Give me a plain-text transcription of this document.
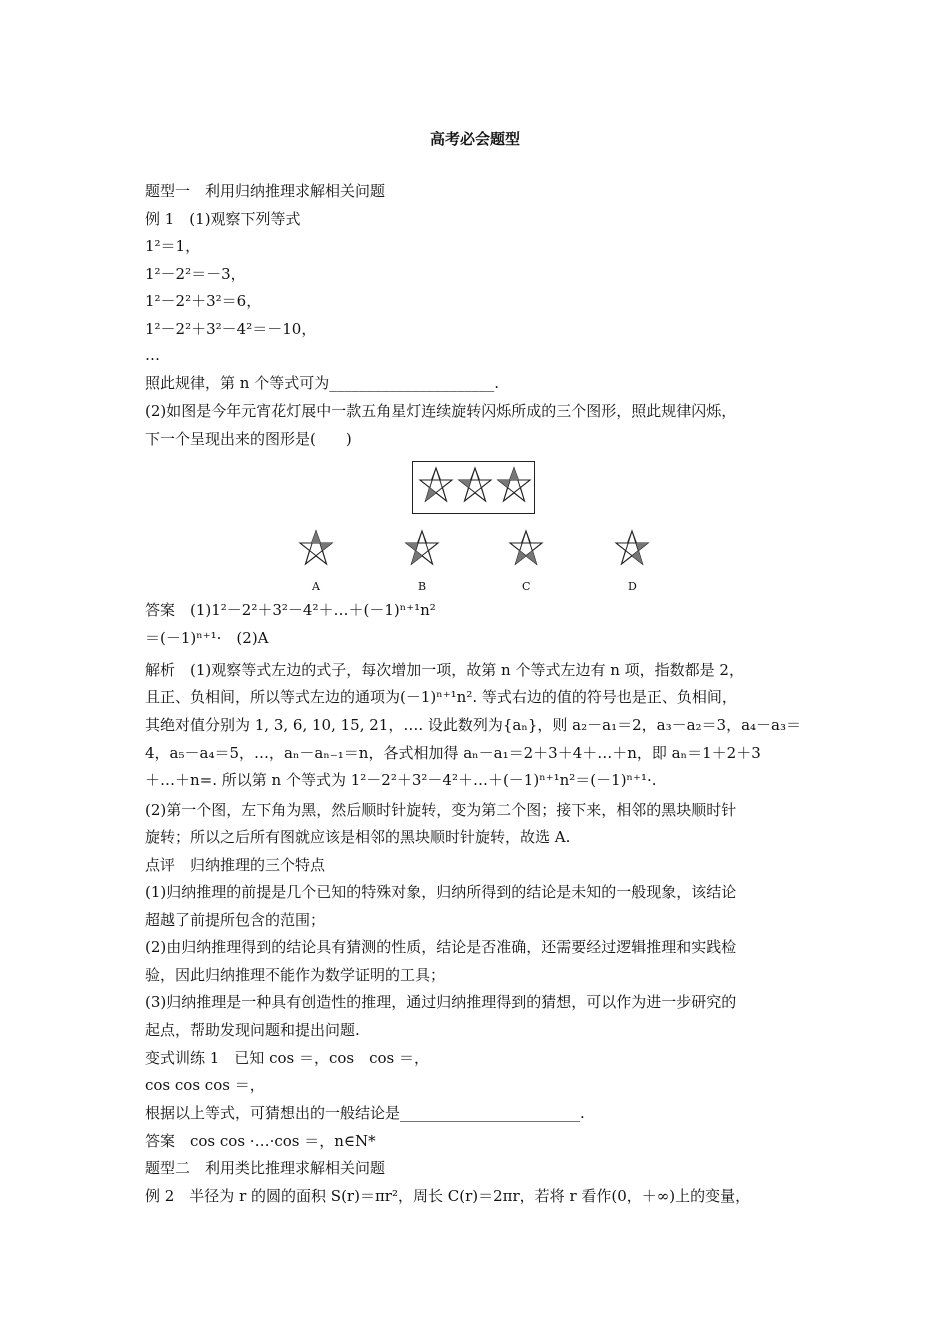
高考必会题型
题型一　利用归纳推理求解相关问题
例 1　(1)观察下列等式
1²＝1，
1²－2²＝－3，
1²－2²＋3²＝6，
1²－2²＋3²－4²＝－10，
…
照此规律，第 n 个等式可为______________________.
(2)如图是今年元宵花灯展中一款五角星灯连续旋转闪烁所成的三个图形，照此规律闪烁，
下一个呈现出来的图形是(　　)
A	B	C	D
答案　(1)1²－2²＋3²－4²＋…＋(－1)ⁿ⁺¹n²
＝(－1)ⁿ⁺¹·　(2)A
解析　(1)观察等式左边的式子，每次增加一项，故第 n 个等式左边有 n 项，指数都是 2，
且正、负相间，所以等式左边的通项为(－1)ⁿ⁺¹n². 等式右边的值的符号也是正、负相间，
其绝对值分别为 1, 3, 6, 10, 15, 21，…. 设此数列为{aₙ}，则 a₂－a₁＝2，a₃－a₂＝3，a₄－a₃＝
4，a₅－a₄＝5，…，aₙ－aₙ₋₁＝n，各式相加得 aₙ－a₁＝2＋3＋4＋…＋n，即 aₙ＝1＋2＋3
＋…＋n=. 所以第 n 个等式为 1²－2²＋3²－4²＋…＋(－1)ⁿ⁺¹n²＝(－1)ⁿ⁺¹·.
(2)第一个图，左下角为黑，然后顺时针旋转，变为第二个图；接下来，相邻的黑块顺时针
旋转；所以之后所有图就应该是相邻的黑块顺时针旋转，故选 A.
点评　归纳推理的三个特点
(1)归纳推理的前提是几个已知的特殊对象，归纳所得到的结论是未知的一般现象，该结论
超越了前提所包含的范围；
(2)由归纳推理得到的结论具有猜测的性质，结论是否准确，还需要经过逻辑推理和实践检
验，因此归纳推理不能作为数学证明的工具；
(3)归纳推理是一种具有创造性的推理，通过归纳推理得到的猜想，可以作为进一步研究的
起点，帮助发现问题和提出问题.
变式训练 1　已知 cos ＝，cos　cos ＝，
cos cos cos ＝，
根据以上等式，可猜想出的一般结论是________________________.
答案　cos cos ·…·cos ＝，n∈N*
题型二　利用类比推理求解相关问题
例 2　半径为 r 的圆的面积 S(r)＝πr²，周长 C(r)＝2πr，若将 r 看作(0，＋∞)上的变量，
